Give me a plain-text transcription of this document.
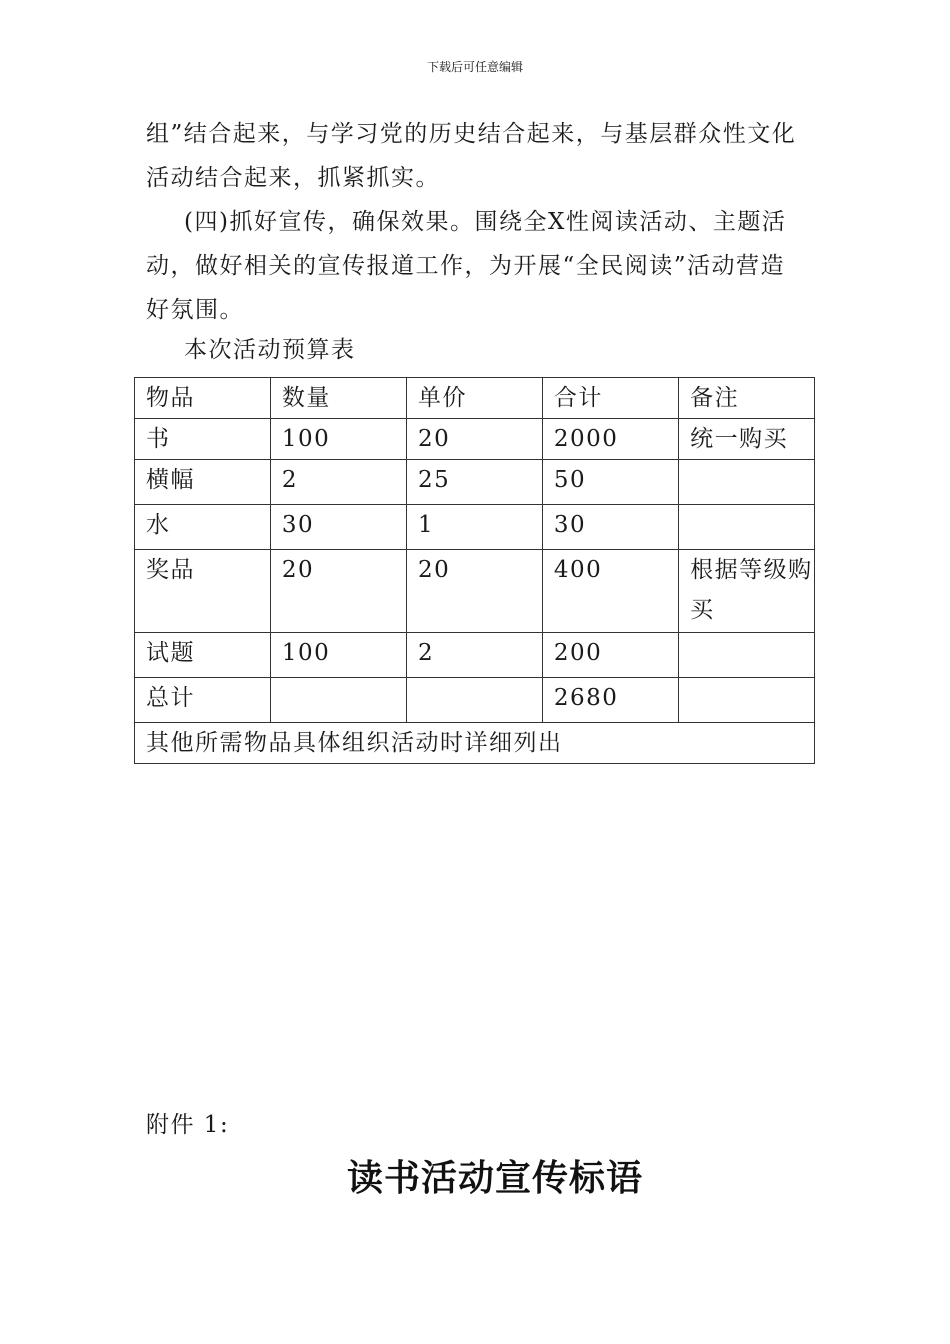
下载后可任意编辑
组”结合起来，与学习党的历史结合起来，与基层群众性文化活动结合起来，抓紧抓实。
(四)抓好宣传，确保效果。围绕全X性阅读活动、主题活动，做好相关的宣传报道工作，为开展“全民阅读”活动营造好氛围。
本次活动预算表
物品	数量	单价	合计	备注
书	100	20	2000	统一购买
横幅	2	25	50	
水	30	1	30	
奖品	20	20	400	根据等级购买
试题	100	2	200	
总计			2680	
其他所需物品具体组织活动时详细列出				
附件 1:
读书活动宣传标语
